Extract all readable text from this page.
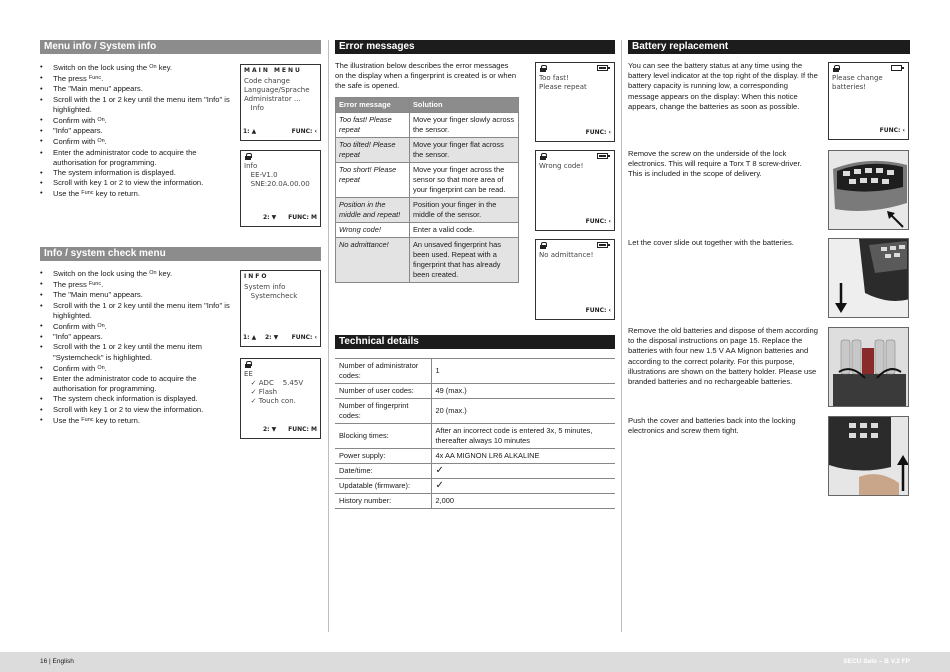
Menu info / System info
• Switch on the lock using the $^{On}$ key.
• The press $^{Func}$.
• The "Main menu" appears.
• Scroll with the 1 or 2 key until the menu item "Info" is highlighted.
• Confirm with $^{On}$.
• "Info" appears.
• Confirm with $^{On}$.
• Enter the administrator code to acquire the authorisation for programming.
• The system information is displayed.
• Scroll with key 1 or 2 to view the information.
• Use the $^{Func}$ key to return.
MAIN MENU
Code change
Language/Sprache
Administrator ...
Info
1: ▲	FUNC: ‹
Info
EE-V1.0
SNE:20.0A.00.00
2: ▼ FUNC: M
Info / system check menu
• Switch on the lock using the $^{On}$ key.
• The press $^{Func}$.
• The "Main menu" appears.
• Scroll with the 1 or 2 key until the menu item "Info" is highlighted.
• Confirm with $^{On}$.
• "Info" appears.
• Scroll with the 1 or 2 key until the menu item "Systemcheck" is highlighted.
• Confirm with $^{On}$.
• Enter the administrator code to acquire the authorisation for programming.
• The system check information is displayed.
• Scroll with key 1 or 2 to view the information.
• Use the $^{Func}$ key to return.
INFO
System info
Systemcheck
1: ▲ 2: ▼ FUNC: ‹
EE
✓ ADC    5.45V
✓ Flash
✓ Touch con.
2: ▼ FUNC: M
Error messages
The illustration below describes the error messages on the display when a fingerprint is created is or when the safe is opened.
Error message	Solution
Too fast! Please repeat	Move your finger slowly across the sensor.
Too tilted! Please repeat	Move your finger flat across the sensor.
Too short! Please repeat	Move your finger across the sensor so that more area of your fingerprint can be read.
Position in the middle and repeat!	Position your finger in the middle of the sensor.
Wrong code!	Enter a valid code.
No admittance!	An unsaved fingerprint has been used. Repeat with a fingerprint that has already been created.
Too fast!
Please repeat
FUNC: ‹
Wrong code!
FUNC: ‹
No admittance!
FUNC: ‹
Technical details
Number of administrator codes:	1
Number of user codes:	49 (max.)
Number of fingerprint codes:	20 (max.)
Blocking times:	After an incorrect code is entered 3x, 5 minutes, thereafter always 10 minutes
Power supply:	4x AA MIGNON LR6 ALKALINE
Date/time:	✓
Updatable (firmware):	✓
History number:	2,000
Battery replacement
You can see the battery status at any time using the battery level indicator at the top right of the display. If the battery capacity is running low, a corresponding message appears on the display: When this notice appears, change the batteries as soon as possible.
Please change
batteries!
FUNC: ‹
Remove the screw on the underside of the lock electronics. This will require a Torx T 8 screw-driver. This is included in the scope of delivery.
Let the cover slide out together with the batteries.
Remove the old batteries and dispose of them according to the disposal instructions on page 15. Replace the batteries with four new 1.5 V AA Mignon batteries and according to the correct polarity. For this purpose, illustrations are shown on the battery holder. Please use branded batteries and no rechargeable batteries.
Push the cover and batteries back into the locking electronics and screw them tight.
16 | English	SECU Selo – B V.2 FP
